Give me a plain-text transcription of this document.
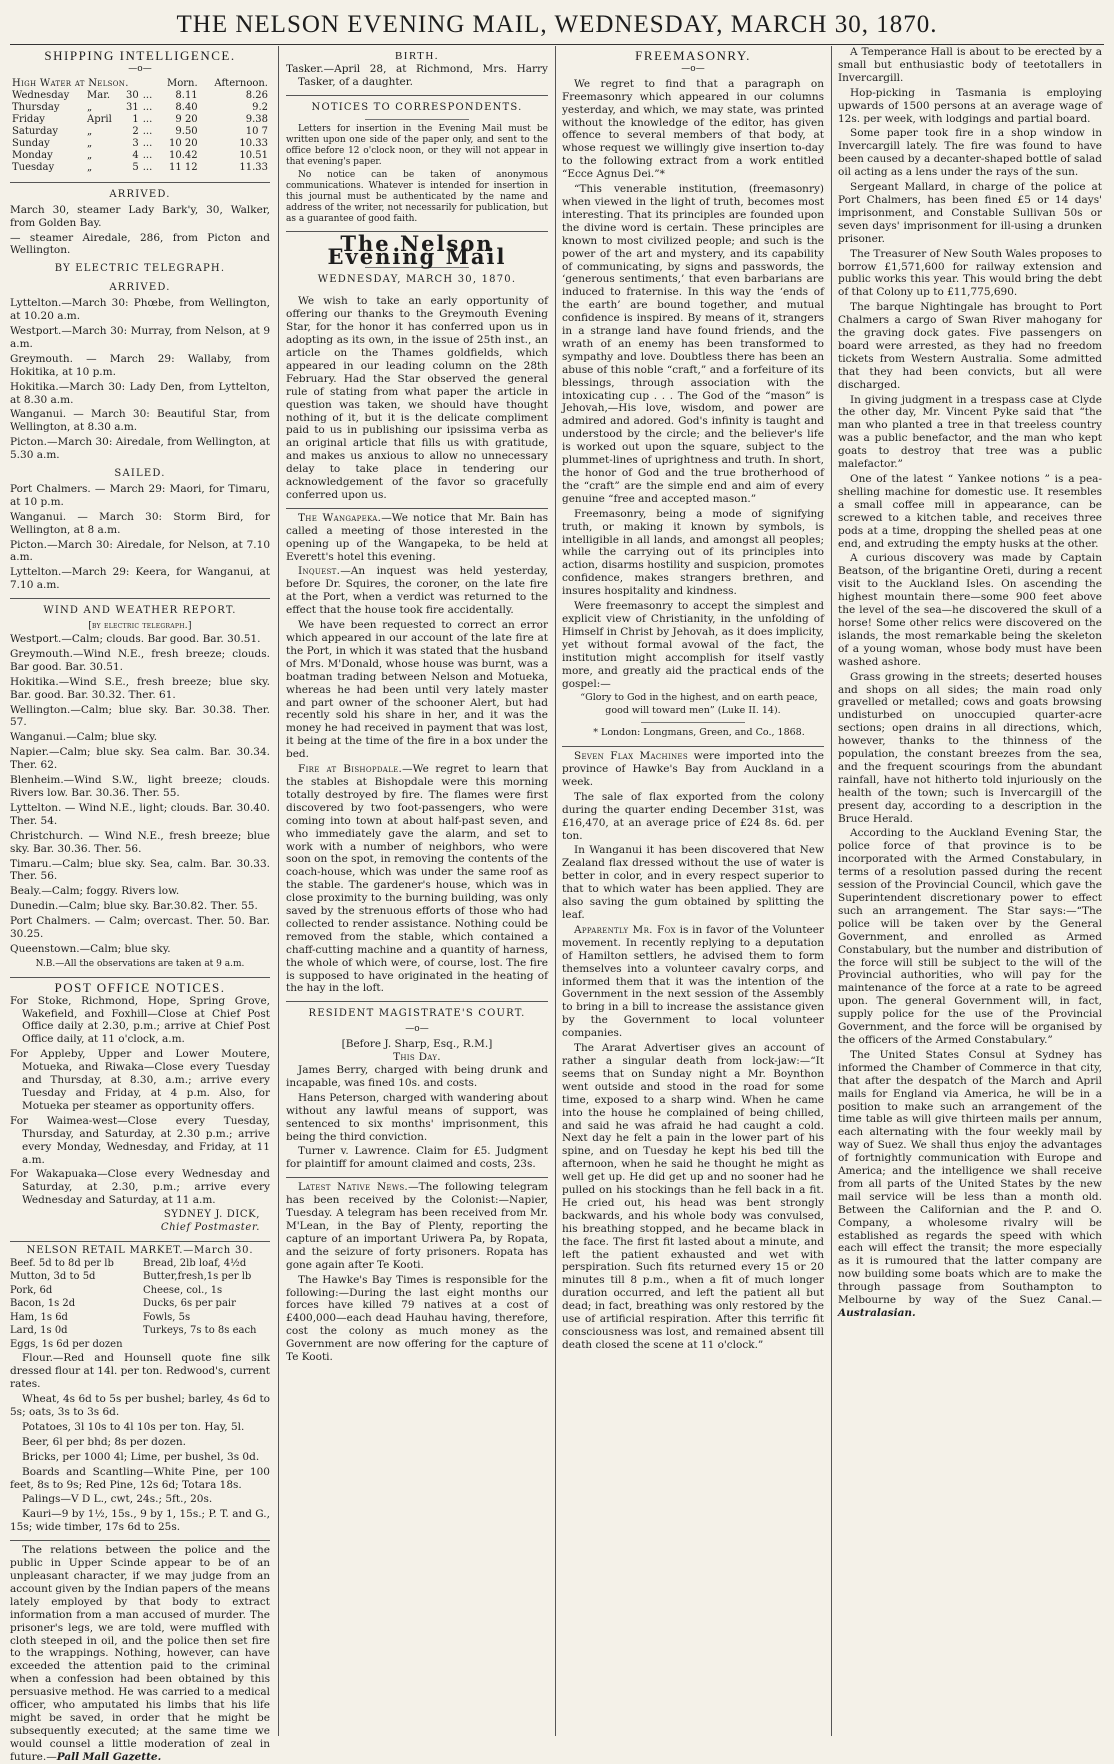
THE NELSON EVENING MAIL, WEDNESDAY, MARCH 30, 1870.
SHIPPING INTELLIGENCE.
—o—
High Water at Nelson.				Morn.	Afternoon.
Wednesday	Mar.	30	...	8.11	8.26
Thursday	„	31	...	8.40	9.2
Friday	April	1	...	9 20	9.38
Saturday	„	2	...	9.50	10 7
Sunday	„	3	...	10 20	10.33
Monday	„	4	...	10.42	10.51
Tuesday	„	5	...	11 12	11.33
ARRIVED.

March 30, steamer Lady Bark'y, 30, Walker, from Golden Bay.

— steamer Airedale, 286, from Picton and Wellington.

BY ELECTRIC TELEGRAPH.
ARRIVED.

Lyttelton.—March 30: Phœbe, from Wellington, at 10.20 a.m.

Westport.—March 30: Murray, from Nelson, at 9 a.m.

Greymouth. — March 29: Wallaby, from Hokitika, at 10 p.m.

Hokitika.—March 30: Lady Den, from Lyttelton, at 8.30 a.m.

Wanganui. — March 30: Beautiful Star, from Wellington, at 8.30 a.m.

Picton.—March 30: Airedale, from Wellington, at 5.30 a.m.

SAILED.

Port Chalmers. — March 29: Maori, for Timaru, at 10 p.m.

Wanganui. — March 30: Storm Bird, for Wellington, at 8 a.m.

Picton.—March 30: Airedale, for Nelson, at 7.10 a.m.

Lyttelton.—March 29: Keera, for Wanganui, at 7.10 a.m.

WIND AND WEATHER REPORT.
[by electric telegraph.]

Westport.—Calm; clouds. Bar good. Bar. 30.51.

Greymouth.—Wind N.E., fresh breeze; clouds. Bar good. Bar. 30.51.

Hokitika.—Wind S.E., fresh breeze; blue sky. Bar. good. Bar. 30.32. Ther. 61.

Wellington.—Calm; blue sky. Bar. 30.38. Ther. 57.

Wanganui.—Calm; blue sky.

Napier.—Calm; blue sky. Sea calm. Bar. 30.34. Ther. 62.

Blenheim.—Wind S.W., light breeze; clouds. Rivers low. Bar. 30.36. Ther. 55.

Lyttelton. — Wind N.E., light; clouds. Bar. 30.40. Ther. 54.

Christchurch. — Wind N.E., fresh breeze; blue sky. Bar. 30.36. Ther. 56.

Timaru.—Calm; blue sky. Sea, calm. Bar. 30.33. Ther. 56.

Bealy.—Calm; foggy. Rivers low.

Dunedin.—Calm; blue sky. Bar.30.82. Ther. 55.

Port Chalmers. — Calm; overcast. Ther. 50. Bar. 30.25.

Queenstown.—Calm; blue sky.

N.B.—All the observations are taken at 9 a.m.
POST OFFICE NOTICES.

For Stoke, Richmond, Hope, Spring Grove, Wakefield, and Foxhill—Close at Chief Post Office daily at 2.30, p.m.; arrive at Chief Post Office daily, at 11 o'clock, a.m.

For Appleby, Upper and Lower Moutere, Motueka, and Riwaka—Close every Tuesday and Thursday, at 8.30, a.m.; arrive every Tuesday and Friday, at 4 p.m. Also, for Motueka per steamer as opportunity offers.

For Waimea-west—Close every Tuesday, Thursday, and Saturday, at 2.30 p.m.; arrive every Monday, Wednesday, and Friday, at 11 a.m.

For Wakapuaka—Close every Wednesday and Saturday, at 2.30, p.m.; arrive every Wednesday and Saturday, at 11 a.m.

SYDNEY J. DICK,
Chief Postmaster.
NELSON RETAIL MARKET.—March 30.

Beef. 5d to 8d per lb

Mutton, 3d to 5d

Pork, 6d

Bacon, 1s 2d

Ham, 1s 6d

Lard, 1s 0d

Eggs, 1s 6d per dozen

Bread, 2lb loaf, 4½d

Butter,fresh,1s per lb

Cheese, col., 1s

Ducks, 6s per pair

Fowls, 5s

Turkeys, 7s to 8s each

Flour.—Red and Hounsell quote fine silk dressed flour at 14l. per ton. Redwood's, current rates.

Wheat, 4s 6d to 5s per bushel; barley, 4s 6d to 5s; oats, 3s to 3s 6d.

Potatoes, 3l 10s to 4l 10s per ton. Hay, 5l.

Beer, 6l per bhd; 8s per dozen.

Bricks, per 1000 4l; Lime, per bushel, 3s 0d.

Boards and Scantling—White Pine, per 100 feet, 8s to 9s; Red Pine, 12s 6d; Totara 18s.

Palings—V D L., cwt, 24s.; 5ft., 20s.

Kauri—9 by 1½, 15s., 9 by 1, 15s.; P. T. and G., 15s; wide timber, 17s 6d to 25s.

The relations between the police and the public in Upper Scinde appear to be of an unpleasant character, if we may judge from an account given by the Indian papers of the means lately employed by that body to extract information from a man accused of murder. The prisoner's legs, we are told, were muffled with cloth steeped in oil, and the police then set fire to the wrappings. Nothing, however, can have exceeded the attention paid to the criminal when a confession had been obtained by this persuasive method. He was carried to a medical officer, who amputated his limbs that his life might be saved, in order that he might be subsequently executed; at the same time we would counsel a little moderation of zeal in future.—Pall Mall Gazette.

BIRTH.

Tasker.—April 28, at Richmond, Mrs. Harry Tasker, of a daughter.

NOTICES TO CORRESPONDENTS.

Letters for insertion in the Evening Mail must be written upon one side of the paper only, and sent to the office before 12 o'clock noon, or they will not appear in that evening's paper.

No notice can be taken of anonymous communications. Whatever is intended for insertion in this journal must be authenticated by the name and address of the writer, not necessarily for publication, but as a guarantee of good faith.

The Nelson Evening Mail
WEDNESDAY, MARCH 30, 1870.

We wish to take an early opportunity of offering our thanks to the Greymouth Evening Star, for the honor it has conferred upon us in adopting as its own, in the issue of 25th inst., an article on the Thames goldfields, which appeared in our leading column on the 28th February. Had the Star observed the general rule of stating from what paper the article in question was taken, we should have thought nothing of it, but it is the delicate compliment paid to us in publishing our ipsissima verba as an original article that fills us with gratitude, and makes us anxious to allow no unnecessary delay to take place in tendering our acknowledgement of the favor so gracefully conferred upon us.

The Wangapeka.—We notice that Mr. Bain has called a meeting of those interested in the opening up of the Wangapeka, to be held at Everett's hotel this evening.

Inquest.—An inquest was held yesterday, before Dr. Squires, the coroner, on the late fire at the Port, when a verdict was returned to the effect that the house took fire accidentally.

We have been requested to correct an error which appeared in our account of the late fire at the Port, in which it was stated that the husband of Mrs. M'Donald, whose house was burnt, was a boatman trading between Nelson and Motueka, whereas he had been until very lately master and part owner of the schooner Alert, but had recently sold his share in her, and it was the money he had received in payment that was lost, it being at the time of the fire in a box under the bed.

Fire at Bishopdale.—We regret to learn that the stables at Bishopdale were this morning totally destroyed by fire. The flames were first discovered by two foot-passengers, who were coming into town at about half-past seven, and who immediately gave the alarm, and set to work with a number of neighbors, who were soon on the spot, in removing the contents of the coach-house, which was under the same roof as the stable. The gardener's house, which was in close proximity to the burning building, was only saved by the strenuous efforts of those who had collected to render assistance. Nothing could be removed from the stable, which contained a chaff-cutting machine and a quantity of harness, the whole of which were, of course, lost. The fire is supposed to have originated in the heating of the hay in the loft.

RESIDENT MAGISTRATE'S COURT.
—o—
[Before J. Sharp, Esq., R.M.]
This Day.

James Berry, charged with being drunk and incapable, was fined 10s. and costs.

Hans Peterson, charged with wandering about without any lawful means of support, was sentenced to six months' imprisonment, this being the third conviction.

Turner v. Lawrence. Claim for £5. Judgment for plaintiff for amount claimed and costs, 23s.

Latest Native News.—The following telegram has been received by the Colonist:—Napier, Tuesday. A telegram has been received from Mr. M'Lean, in the Bay of Plenty, reporting the capture of an important Uriwera Pa, by Ropata, and the seizure of forty prisoners. Ropata has gone again after Te Kooti.

The Hawke's Bay Times is responsible for the following:—During the last eight months our forces have killed 79 natives at a cost of £400,000—each dead Hauhau having, therefore, cost the colony as much money as the Government are now offering for the capture of Te Kooti.

FREEMASONRY.
—o—

We regret to find that a paragraph on Freemasonry which appeared in our columns yesterday, and which, we may state, was printed without the knowledge of the editor, has given offence to several members of that body, at whose request we willingly give insertion to-day to the following extract from a work entitled “Ecce Agnus Dei.”*

“This venerable institution, (freemasonry) when viewed in the light of truth, becomes most interesting. That its principles are founded upon the divine word is certain. These principles are known to most civilized people; and such is the power of the art and mystery, and its capability of communicating, by signs and passwords, the ‘generous sentiments,’ that even barbarians are induced to fraternise. In this way the ‘ends of the earth’ are bound together, and mutual confidence is inspired. By means of it, strangers in a strange land have found friends, and the wrath of an enemy has been transformed to sympathy and love. Doubtless there has been an abuse of this noble “craft,” and a forfeiture of its blessings, through association with the intoxicating cup . . . The God of the “mason” is Jehovah,—His love, wisdom, and power are admired and adored. God's infinity is taught and understood by the circle; and the believer's life is worked out upon the square, subject to the plummet-lines of uprightness and truth. In short, the honor of God and the true brotherhood of the “craft” are the simple end and aim of every genuine “free and accepted mason.”

Freemasonry, being a mode of signifying truth, or making it known by symbols, is intelligible in all lands, and amongst all peoples; while the carrying out of its principles into action, disarms hostility and suspicion, promotes confidence, makes strangers brethren, and insures hospitality and kindness.

Were freemasonry to accept the simplest and explicit view of Christianity, in the unfolding of Himself in Christ by Jehovah, as it does implicity, yet without formal avowal of the fact, the institution might accomplish for itself vastly more, and greatly aid the practical ends of the gospel:—

“Glory to God in the highest, and on earth peace, good will toward men” (Luke II. 14).

* London: Longmans, Green, and Co., 1868.

Seven Flax Machines were imported into the province of Hawke's Bay from Auckland in a week.

The sale of flax exported from the colony during the quarter ending December 31st, was £16,470, at an average price of £24 8s. 6d. per ton.

In Wanganui it has been discovered that New Zealand flax dressed without the use of water is better in color, and in every respect superior to that to which water has been applied. They are also saving the gum obtained by splitting the leaf.

Apparently Mr. Fox is in favor of the Volunteer movement. In recently replying to a deputation of Hamilton settlers, he advised them to form themselves into a volunteer cavalry corps, and informed them that it was the intention of the Government in the next session of the Assembly to bring in a bill to increase the assistance given by the Government to local volunteer companies.

The Ararat Advertiser gives an account of rather a singular death from lock-jaw:—“It seems that on Sunday night a Mr. Boynthon went outside and stood in the road for some time, exposed to a sharp wind. When he came into the house he complained of being chilled, and said he was afraid he had caught a cold. Next day he felt a pain in the lower part of his spine, and on Tuesday he kept his bed till the afternoon, when he said he thought he might as well get up. He did get up and no sooner had he pulled on his stockings than he fell back in a fit. He cried out, his head was bent strongly backwards, and his whole body was convulsed, his breathing stopped, and he became black in the face. The first fit lasted about a minute, and left the patient exhausted and wet with perspiration. Such fits returned every 15 or 20 minutes till 8 p.m., when a fit of much longer duration occurred, and left the patient all but dead; in fact, breathing was only restored by the use of artificial respiration. After this terrific fit consciousness was lost, and remained absent till death closed the scene at 11 o'clock.”

A Temperance Hall is about to be erected by a small but enthusiastic body of teetotallers in Invercargill.

Hop-picking in Tasmania is employing upwards of 1500 persons at an average wage of 12s. per week, with lodgings and partial board.

Some paper took fire in a shop window in Invercargill lately. The fire was found to have been caused by a decanter-shaped bottle of salad oil acting as a lens under the rays of the sun.

Sergeant Mallard, in charge of the police at Port Chalmers, has been fined £5 or 14 days' imprisonment, and Constable Sullivan 50s or seven days' imprisonment for ill-using a drunken prisoner.

The Treasurer of New South Wales proposes to borrow £1,571,600 for railway extension and public works this year. This would bring the debt of that Colony up to £11,775,690.

The barque Nightingale has brought to Port Chalmers a cargo of Swan River mahogany for the graving dock gates. Five passengers on board were arrested, as they had no freedom tickets from Western Australia. Some admitted that they had been convicts, but all were discharged.

In giving judgment in a trespass case at Clyde the other day, Mr. Vincent Pyke said that “the man who planted a tree in that treeless country was a public benefactor, and the man who kept goats to destroy that tree was a public malefactor.”

One of the latest “ Yankee notions ” is a pea-shelling machine for domestic use. It resembles a small coffee mill in appearance, can be screwed to a kitchen table, and receives three pods at a time, dropping the shelled peas at one end, and extruding the empty husks at the other.

A curious discovery was made by Captain Beatson, of the brigantine Oreti, during a recent visit to the Auckland Isles. On ascending the highest mountain there—some 900 feet above the level of the sea—he discovered the skull of a horse! Some other relics were discovered on the islands, the most remarkable being the skeleton of a young woman, whose body must have been washed ashore.

Grass growing in the streets; deserted houses and shops on all sides; the main road only gravelled or metalled; cows and goats browsing undisturbed on unoccupied quarter-acre sections; open drains in all directions, which, however, thanks to the thinness of the population, the constant breezes from the sea, and the frequent scourings from the abundant rainfall, have not hitherto told injuriously on the health of the town; such is Invercargill of the present day, according to a description in the Bruce Herald.

According to the Auckland Evening Star, the police force of that province is to be incorporated with the Armed Constabulary, in terms of a resolution passed during the recent session of the Provincial Council, which gave the Superintendent discretionary power to effect such an arrangement. The Star says:—“The police will be taken over by the General Government, and enrolled as Armed Constabulary, but the number and distribution of the force will still be subject to the will of the Provincial authorities, who will pay for the maintenance of the force at a rate to be agreed upon. The general Government will, in fact, supply police for the use of the Provincial Government, and the force will be organised by the officers of the Armed Constabulary.”

The United States Consul at Sydney has informed the Chamber of Commerce in that city, that after the despatch of the March and April mails for England via America, he will be in a position to make such an arrangement of the time table as will give thirteen mails per annum, each alternating with the four weekly mail by way of Suez. We shall thus enjoy the advantages of fortnightly communication with Europe and America; and the intelligence we shall receive from all parts of the United States by the new mail service will be less than a month old. Between the Californian and the P. and O. Company, a wholesome rivalry will be established as regards the speed with which each will effect the transit; the more especially as it is rumoured that the latter company are now building some boats which are to make the through passage from Southampton to Melbourne by way of the Suez Canal.—Australasian.
